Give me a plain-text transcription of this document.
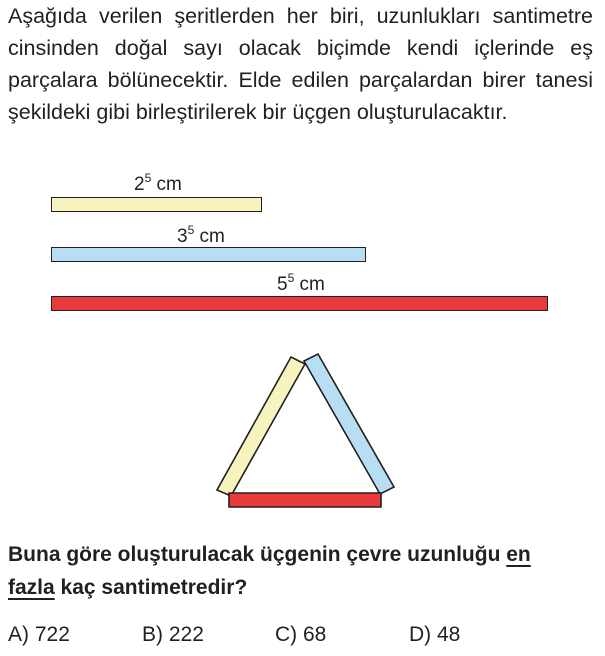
Aşağıda verilen şeritlerden her biri, uzunlukları santimetre cinsinden doğal sayı olacak biçimde kendi içlerinde eş parçalara bölünecektir. Elde edilen parçalardan birer tanesi şekildeki gibi birleştirilerek bir üçgen oluşturulacaktır.

$2^5$ cm
$3^5$ cm
$5^5$ cm

Buna göre oluşturulacak üçgenin çevre uzunluğu en
fazla kaç santimetredir?

A) 722	B) 222	C) 68	D) 48
